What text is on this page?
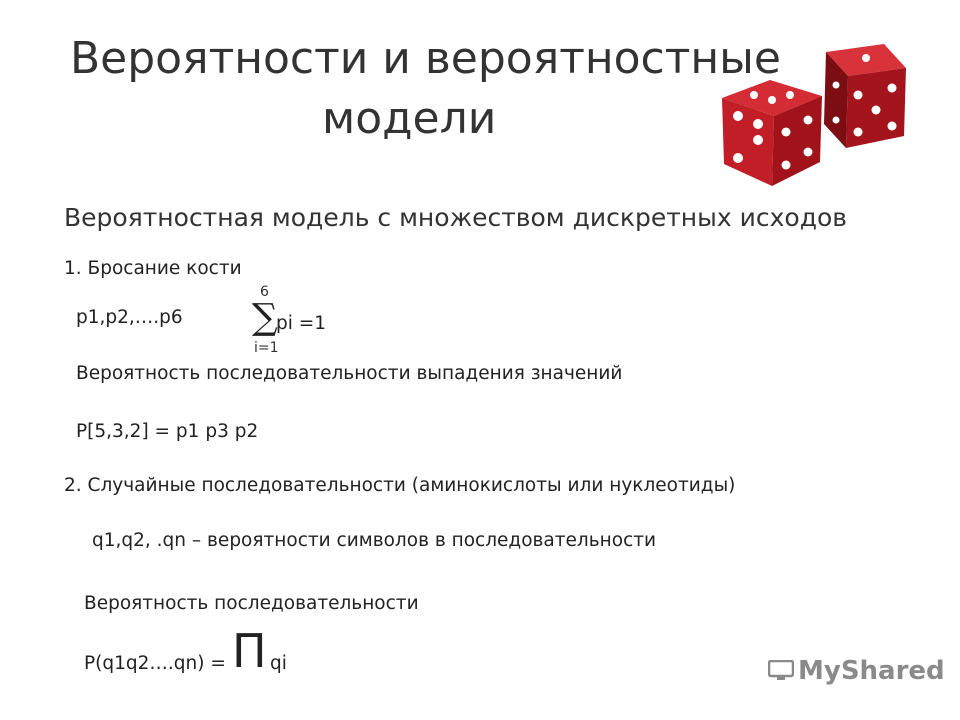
Вероятности и вероятностные
модели
Вероятностная модель с множеством дискретных исходов
1. Бросание кости
p1,p2,….p6
6
∑
pi =1
i=1
Вероятность последовательности выпадения значений
P[5,3,2] = p1 p3 p2
2. Случайные последовательности (аминокислоты или нуклеотиды)
q1,q2, .qn – вероятности символов в последовательности
Вероятность последовательности
P(q1q2….qn) = П qi	MyShared
